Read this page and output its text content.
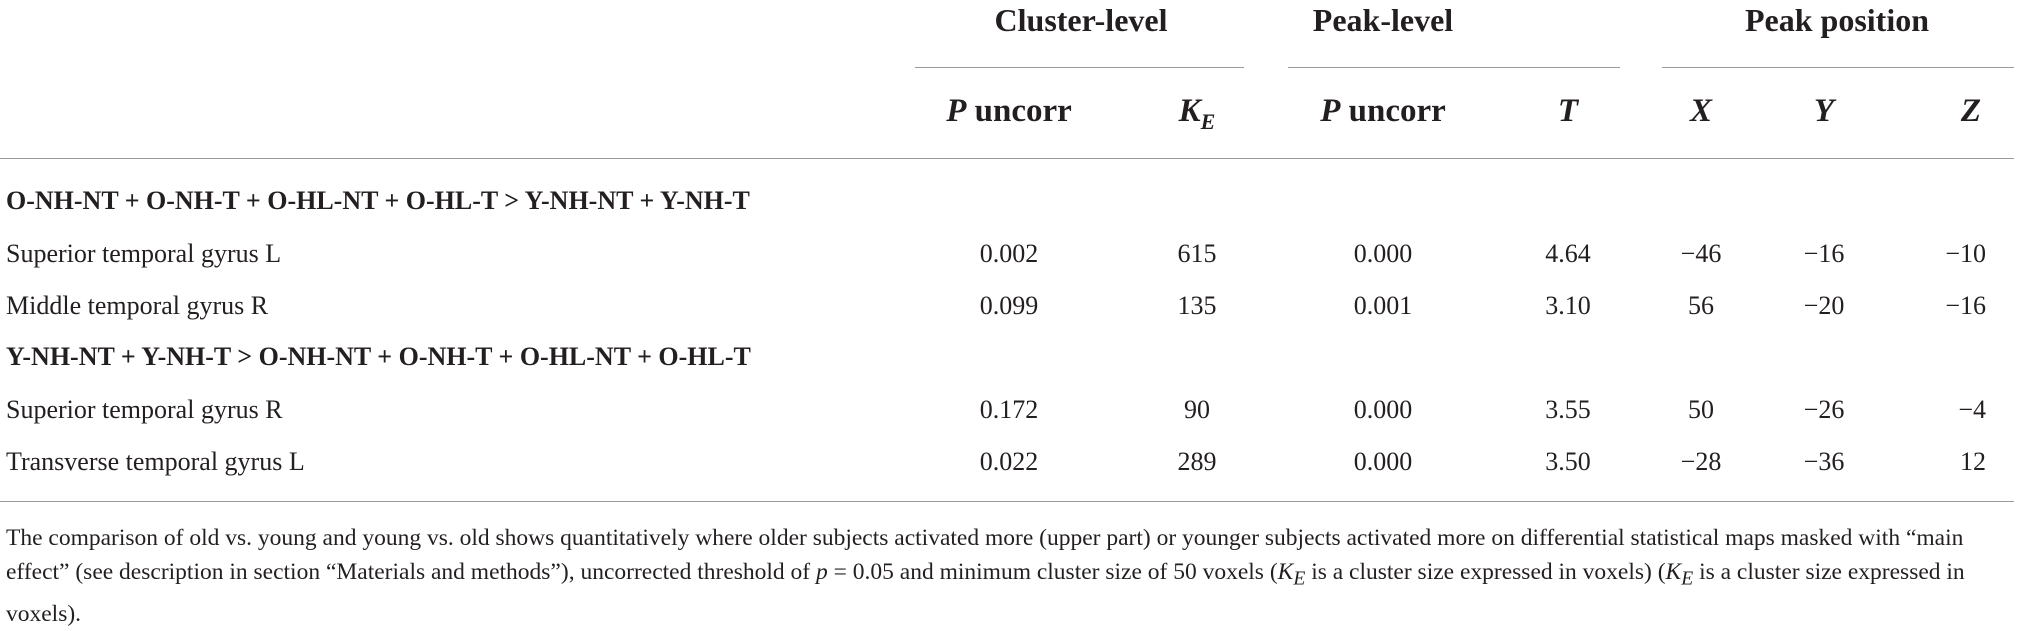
Cluster-level	Peak-level	Peak position
P uncorr	$K_E$	P uncorr	T	X	Y	Z
O-NH-NT + O-NH-T + O-HL-NT + O-HL-T > Y-NH-NT + Y-NH-T
Superior temporal gyrus L	0.002	615	0.000	4.64	−46	−16	−10
Middle temporal gyrus R	0.099	135	0.001	3.10	56	−20	−16
Y-NH-NT + Y-NH-T > O-NH-NT + O-NH-T + O-HL-NT + O-HL-T
Superior temporal gyrus R	0.172	90	0.000	3.55	50	−26	−4
Transverse temporal gyrus L	0.022	289	0.000	3.50	−28	−36	12
The comparison of old vs. young and young vs. old shows quantitatively where older subjects activated more (upper part) or younger subjects activated more on differential statistical maps masked with “main effect” (see description in section “Materials and methods”), uncorrected threshold of p = 0.05 and minimum cluster size of 50 voxels ($K_E$ is a cluster size expressed in voxels) ($K_E$ is a cluster size expressed in voxels).
